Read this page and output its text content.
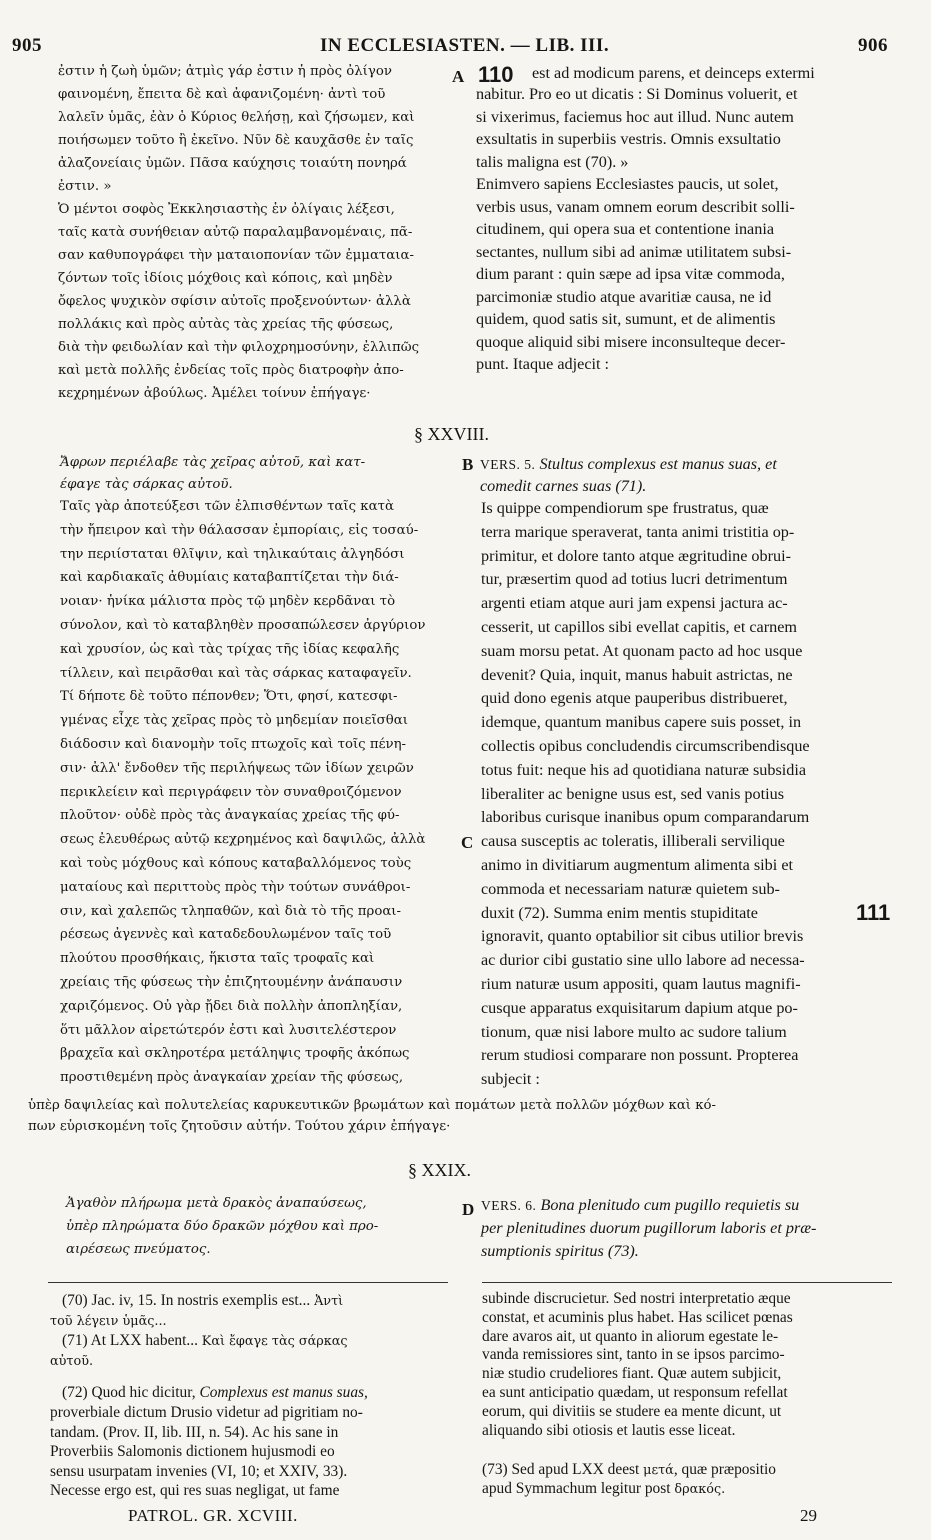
905	IN ECCLESIASTEN. — LIB. III.	906
ἐστιν ἡ ζωὴ ὑμῶν; ἀτμὶς γάρ ἐστιν ἡ πρὸς ὀλίγον
φαινομένη, ἔπειτα δὲ καὶ ἀφανιζομένη· ἀντὶ τοῦ
λαλεῖν ὑμᾶς, ἐὰν ὁ Κύριος θελήσῃ, καὶ ζήσωμεν, καὶ
ποιήσωμεν τοῦτο ἢ ἐκεῖνο. Νῦν δὲ καυχᾶσθε ἐν ταῖς
ἀλαζονείαις ὑμῶν. Πᾶσα καύχησις τοιαύτη πονηρά
ἐστιν. »
Ὁ μέντοι σοφὸς Ἐκκλησιαστὴς ἐν ὀλίγαις λέξεσι,
ταῖς κατὰ συνήθειαν αὐτῷ παραλαμβανομέναις, πᾶ-
σαν καθυπογράφει τὴν ματαιοπονίαν τῶν ἐμματαια-
ζόντων τοῖς ἰδίοις μόχθοις καὶ κόποις, καὶ μηδὲν
ὄφελος ψυχικὸν σφίσιν αὐτοῖς προξενούντων· ἀλλὰ
πολλάκις καὶ πρὸς αὐτὰς τὰς χρείας τῆς φύσεως,
διὰ τὴν φειδωλίαν καὶ τὴν φιλοχρημοσύνην, ἐλλιπῶς
καὶ μετὰ πολλῆς ἐνδείας τοῖς πρὸς διατροφὴν ἀπο-
κεχρημένων ἀβούλως. Ἀμέλει τοίνυν ἐπήγαγε·
est ad modicum parens, et deinceps extermi
nabitur. Pro eo ut dicatis : Si Dominus voluerit, et
si vixerimus, faciemus hoc aut illud. Nunc autem
exsultatis in superbiis vestris. Omnis exsultatio
talis maligna est (70). »
Enimvero sapiens Ecclesiastes paucis, ut solet,
verbis usus, vanam omnem eorum describit solli-
citudinem, qui opera sua et contentione inania
sectantes, nullum sibi ad animæ utilitatem subsi-
dium parant : quin sæpe ad ipsa vitæ commoda,
parcimoniæ studio atque avaritiæ causa, ne id
quidem, quod satis sit, sumunt, et de alimentis
quoque aliquid sibi misere inconsulteque decer-
punt. Itaque adjecit :
A 110
§ XXVIII.
Ἄφρων περιέλαβε τὰς χεῖρας αὐτοῦ, καὶ κατ-
έφαγε τὰς σάρκας αὐτοῦ.
B VERS. 5. Stultus complexus est manus suas, et
comedit carnes suas (71).
Ταῖς γὰρ ἀποτεύξεσι τῶν ἐλπισθέντων ταῖς κατὰ
τὴν ἤπειρον καὶ τὴν θάλασσαν ἐμπορίαις, εἰς τοσαύ-
την περιίσταται θλῖψιν, καὶ τηλικαύταις ἀλγηδόσι
καὶ καρδιακαῖς ἀθυμίαις καταβαπτίζεται τὴν διά-
νοιαν· ἡνίκα μάλιστα πρὸς τῷ μηδὲν κερδᾶναι τὸ
σύνολον, καὶ τὸ καταβληθὲν προσαπώλεσεν ἀργύριον
καὶ χρυσίον, ὡς καὶ τὰς τρίχας τῆς ἰδίας κεφαλῆς
τίλλειν, καὶ πειρᾶσθαι καὶ τὰς σάρκας καταφαγεῖν.
Τί δήποτε δὲ τοῦτο πέπονθεν; Ὅτι, φησί, κατεσφι-
γμένας εἶχε τὰς χεῖρας πρὸς τὸ μηδεμίαν ποιεῖσθαι
διάδοσιν καὶ διανομὴν τοῖς πτωχοῖς καὶ τοῖς πένη-
σιν· ἀλλ' ἔνδοθεν τῆς περιλήψεως τῶν ἰδίων χειρῶν
περικλείειν καὶ περιγράφειν τὸν συναθροιζόμενον
πλοῦτον· οὐδὲ πρὸς τὰς ἀναγκαίας χρείας τῆς φύ-
σεως ἐλευθέρως αὐτῷ κεχρημένος καὶ δαψιλῶς, ἀλλὰ
καὶ τοὺς μόχθους καὶ κόπους καταβαλλόμενος τοὺς
ματαίους καὶ περιττοὺς πρὸς τὴν τούτων συνάθροι-
σιν, καὶ χαλεπῶς τληπαθῶν, καὶ διὰ τὸ τῆς προαι-
ρέσεως ἀγεννὲς καὶ καταδεδουλωμένον ταῖς τοῦ
πλούτου προσθήκαις, ἥκιστα ταῖς τροφαῖς καὶ
χρείαις τῆς φύσεως τὴν ἐπιζητουμένην ἀνάπαυσιν
χαριζόμενος. Οὐ γὰρ ᾔδει διὰ πολλὴν ἀποπληξίαν,
ὅτι μᾶλλον αἱρετώτερόν ἐστι καὶ λυσιτελέστερον
βραχεῖα καὶ σκληροτέρα μετάληψις τροφῆς ἀκόπως
προστιθεμένη πρὸς ἀναγκαίαν χρείαν τῆς φύσεως,
Is quippe compendiorum spe frustratus, quæ
terra marique speraverat, tanta animi tristitia op-
primitur, et dolore tanto atque ægritudine obrui-
tur, præsertim quod ad totius lucri detrimentum
argenti etiam atque auri jam expensi jactura ac-
cesserit, ut capillos sibi evellat capitis, et carnem
suam morsu petat. At quonam pacto ad hoc usque
devenit? Quia, inquit, manus habuit astrictas, ne
quid dono egenis atque pauperibus distribueret,
idemque, quantum manibus capere suis posset, in
collectis opibus concludendis circumscribendisque
totus fuit: neque his ad quotidiana naturæ subsidia
liberaliter ac benigne usus est, sed vanis potius
laboribus curisque inanibus opum comparandarum
causa susceptis ac toleratis, illiberali servilique
animo in divitiarum augmentum alimenta sibi et
commoda et necessariam naturæ quietem sub-
duxit (72). Summa enim mentis stupiditate
ignoravit, quanto optabilior sit cibus utilior brevis
ac durior cibi gustatio sine ullo labore ad necessa-
rium naturæ usum appositi, quam lautus magnifi-
cusque apparatus exquisitarum dapium atque po-
tionum, quæ nisi labore multo ac sudore talium
rerum studiosi comparare non possunt. Propterea
subjecit :
C
111
ὑπὲρ δαψιλείας καὶ πολυτελείας καρυκευτικῶν βρωμάτων καὶ πομάτων μετὰ πολλῶν μόχθων καὶ κό-
πων εὑρισκομένη τοῖς ζητοῦσιν αὐτήν. Τούτου χάριν ἐπήγαγε·
§ XXIX.
Ἀγαθὸν πλήρωμα μετὰ δρακὸς ἀναπαύσεως,
ὑπὲρ πληρώματα δύο δρακῶν μόχθου καὶ προ-
αιρέσεως πνεύματος.
D VERS. 6. Bona plenitudo cum pugillo requietis su
per plenitudines duorum pugillorum laboris et præ-
sumptionis spiritus (73).
(70) Jac. iv, 15. In nostris exemplis est... Ἀντὶ
τοῦ λέγειν ὑμᾶς...
(71) At LXX habent... Καὶ ἔφαγε τὰς σάρκας
αὐτοῦ.
(72) Quod hic dicitur, Complexus est manus suas,
proverbiale dictum Drusio videtur ad pigritiam no-
tandam. (Prov. II, lib. III, n. 54). Ac his sane in
Proverbiis Salomonis dictionem hujusmodi eo
sensu usurpatam invenies (VI, 10; et XXIV, 33).
Necesse ergo est, qui res suas negligat, ut fame
subinde discrucietur. Sed nostri interpretatio æque
constat, et acuminis plus habet. Has scilicet pœnas
dare avaros ait, ut quanto in aliorum egestate le-
vanda remissiores sint, tanto in se ipsos parcimo-
niæ studio crudeliores fiant. Quæ autem subjicit,
ea sunt anticipatio quædam, ut responsum refellat
eorum, qui divitiis se studere ea mente dicunt, ut
aliquando sibi otiosis et lautis esse liceat.
(73) Sed apud LXX deest μετά, quæ præpositio
apud Symmachum legitur post δρακός.
PATROL. GR. XCVIII.	29
